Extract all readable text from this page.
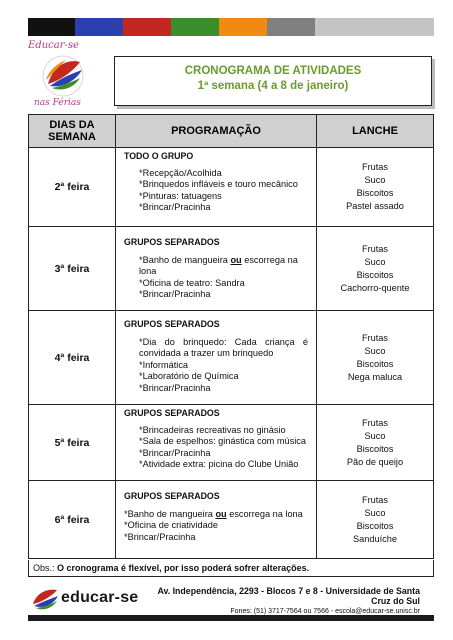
Educar-se
nas Férias
CRONOGRAMA DE ATIVIDADES
1ª semana (4 a 8 de janeiro)
DIAS DA
SEMANA	PROGRAMAÇÃO	LANCHE
2ª feira	TODO O GRUPO
*Recepção/Acolhida
*Brinquedos infláveis e touro mecânico
*Pinturas: tatuagens
*Brincar/Pracinha	Frutas
Suco
Biscoitos
Pastel assado

3ª feira	GRUPOS SEPARADOS
*Banho de mangueira ou escorrega na lona
*Oficina de teatro: Sandra
*Brincar/Pracinha	Frutas
Suco
Biscoitos
Cachorro-quente

4ª feira	GRUPOS SEPARADOS
*Dia do brinquedo: Cada criança é convidada a trazer um brinquedo
*Informática
*Laboratório de Química
*Brincar/Pracinha	Frutas
Suco
Biscoitos
Nega maluca

5ª feira	GRUPOS SEPARADOS
*Brincadeiras recreativas no ginásio
*Sala de espelhos: ginástica com música
*Brincar/Pracinha
*Atividade extra: picina do Clube União	Frutas
Suco
Biscoitos
Pão de queijo

6ª feira	GRUPOS SEPARADOS
*Banho de mangueira ou escorrega na lona
*Oficina de criatividade
*Brincar/Pracinha	Frutas
Suco
Biscoitos
Sanduíche
Obs.: O cronograma é flexível, por isso poderá sofrer alterações.
educar-se	Av. Independência, 2293 - Blocos 7 e 8 - Universidade de Santa Cruz do Sul
Fones: (51) 3717-7564 ou 7566 - escola@educar-se.unisc.br
